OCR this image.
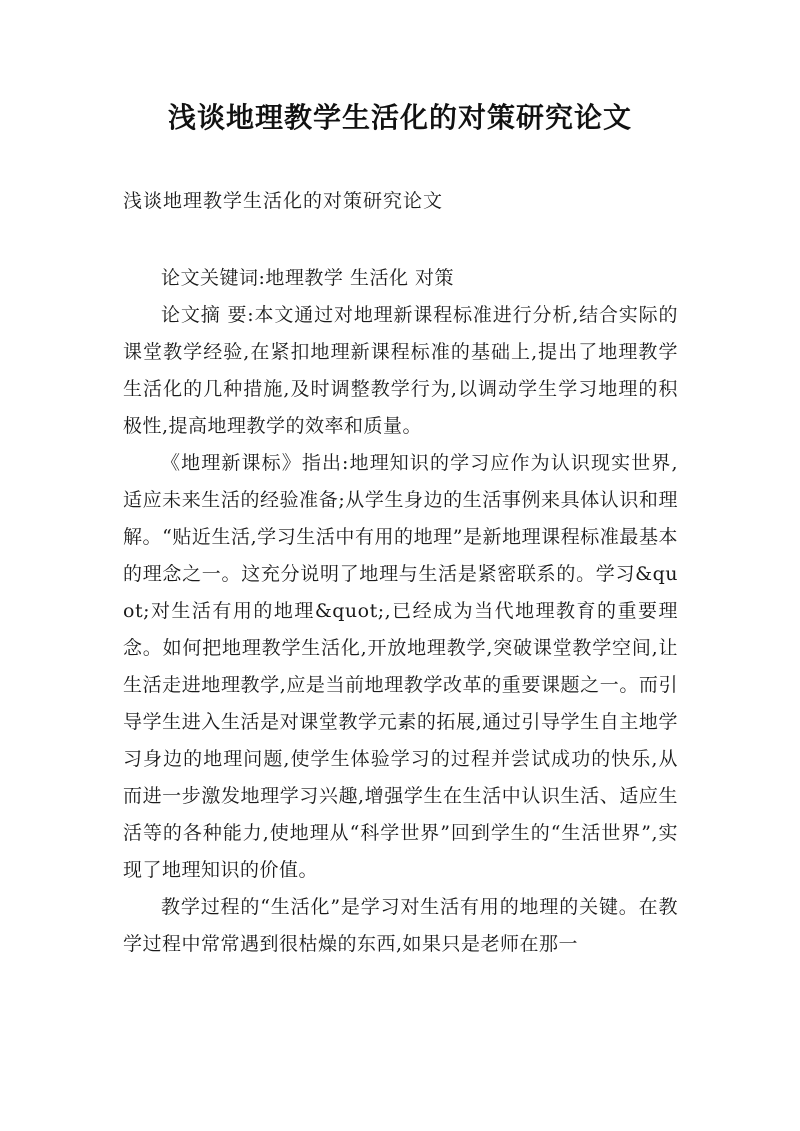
浅谈地理教学生活化的对策研究论文
浅谈地理教学生活化的对策研究论文

论文关键词:地理教学 生活化 对策

论文摘 要:本文通过对地理新课程标准进行分析,结合实际的课堂教学经验,在紧扣地理新课程标准的基础上,提出了地理教学生活化的几种措施,及时调整教学行为,以调动学生学习地理的积极性,提高地理教学的效率和质量。

《地理新课标》指出:地理知识的学习应作为认识现实世界,适应未来生活的经验准备;从学生身边的生活事例来具体认识和理解。“贴近生活,学习生活中有用的地理”是新地理课程标准最基本的理念之一。这充分说明了地理与生活是紧密联系的。学习&quot;对生活有用的地理&quot;,已经成为当代地理教育的重要理念。如何把地理教学生活化,开放地理教学,突破课堂教学空间,让生活走进地理教学,应是当前地理教学改革的重要课题之一。而引导学生进入生活是对课堂教学元素的拓展,通过引导学生自主地学习身边的地理问题,使学生体验学习的过程并尝试成功的快乐,从而进一步激发地理学习兴趣,增强学生在生活中认识生活、适应生活等的各种能力,使地理从“科学世界”回到学生的“生活世界”,实现了地理知识的价值。

教学过程的“生活化”是学习对生活有用的地理的关键。在教学过程中常常遇到很枯燥的东西,如果只是老师在那一
